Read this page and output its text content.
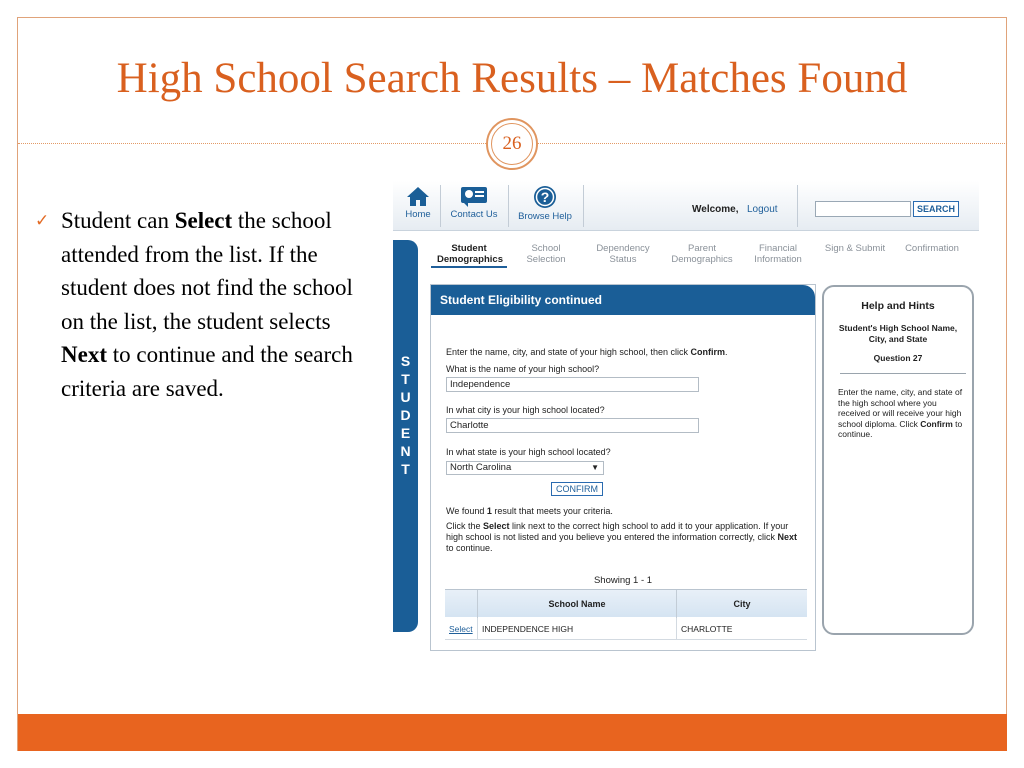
High School Search Results – Matches Found
26
✓ Student can Select the school attended from the list. If the student does not find the school on the list, the student selects Next to continue and the search criteria are saved.
Home	Contact Us
?
Browse Help
Welcome, Logout	SEARCH
Student
Demographics
School
Selection
Dependency
Status
Parent
Demographics
Financial
Information
Sign & Submit	Confirmation
S
T
U
D
E
N
T
Student Eligibility continued
Enter the name, city, and state of your high school, then click Confirm.
What is the name of your high school?
Independence
In what city is your high school located?
Charlotte
In what state is your high school located?
North Carolina	▼
CONFIRM
We found 1 result that meets your criteria.
Click the Select link next to the correct high school to add it to your application. If your high school is not listed and you believe you entered the information correctly, click Next to continue.
Showing 1 - 1
School Name	City
Select	INDEPENDENCE HIGH	CHARLOTTE
Help and Hints
Student's High School Name, City, and State
Question 27
Enter the name, city, and state of the high school where you received or will receive your high school diploma. Click Confirm to continue.
